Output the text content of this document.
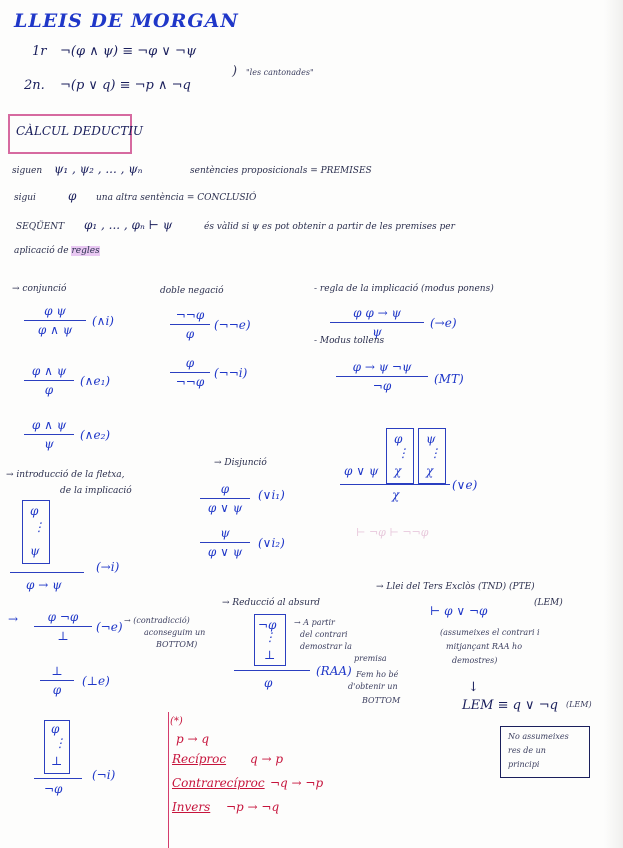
LLEIS DE MORGAN
1r ¬(φ ∧ ψ) ≡ ¬φ ∨ ¬ψ
2n. ¬(p ∨ q) ≡ ¬p ∧ ¬q
) "les cantonades"
CÀLCUL DEDUCTIU
siguen ψ₁ , ψ₂ , ... , ψₙ	sentències proposicionals = PREMISES
sigui	φ una altra sentència = CONCLUSIÓ
SEQÜENT φ₁ , ... , φₙ ⊢ ψ	és vàlid si ψ es pot obtenir a partir de les premises per
aplicació de regles
→ conjunció
φ ψ
φ ∧ ψ
(∧i)
φ ∧ ψ
φ
(∧e₁)
φ ∧ ψ
ψ
(∧e₂)
doble negació
¬¬φ
φ
(¬¬e)
φ
¬¬φ
(¬¬i)
- regla de la implicació (modus ponens)
φ φ → ψ
ψ
(→e)
- Modus tollens
φ → ψ ¬ψ
¬φ	(MT)
→ introducció de la fletxa,
de la implicació
φ
⋮
ψ
φ → ψ
(→i)
→ Disjunció
φ
φ ∨ ψ
(∨i₁)
ψ
φ ∨ ψ
(∨i₂)
φ ∨ ψ
φ
⋮
χ
ψ
⋮
χ
χ
(∨e)
⊢ ¬φ ⊢ ¬¬φ
→	φ ¬φ
⊥
(¬e) → (contradicció)
aconseguim un
BOTTOM)
⊥
φ
(⊥e)
φ
⋮
⊥
¬φ
(¬i)
→ Reducció al absurd
¬φ
⋮
⊥
φ
(RAA)
→ A partir
del contrari
demostrar la
premisa
Fem ho bé
d'obtenir un
BOTTOM
→ Llei del Ters Exclòs (TND) (PTE)
(LEM)
⊢ φ ∨ ¬φ
(assumeixes el contrari i
mitjançant RAA ho
demostres)
↓
LEM ≡ q ∨ ¬q (LEM)
No assumeixes
res de un
principi
(*)
p → q
Recíproc q → p
Contrarecíproc ¬q → ¬p
Invers ¬p → ¬q
